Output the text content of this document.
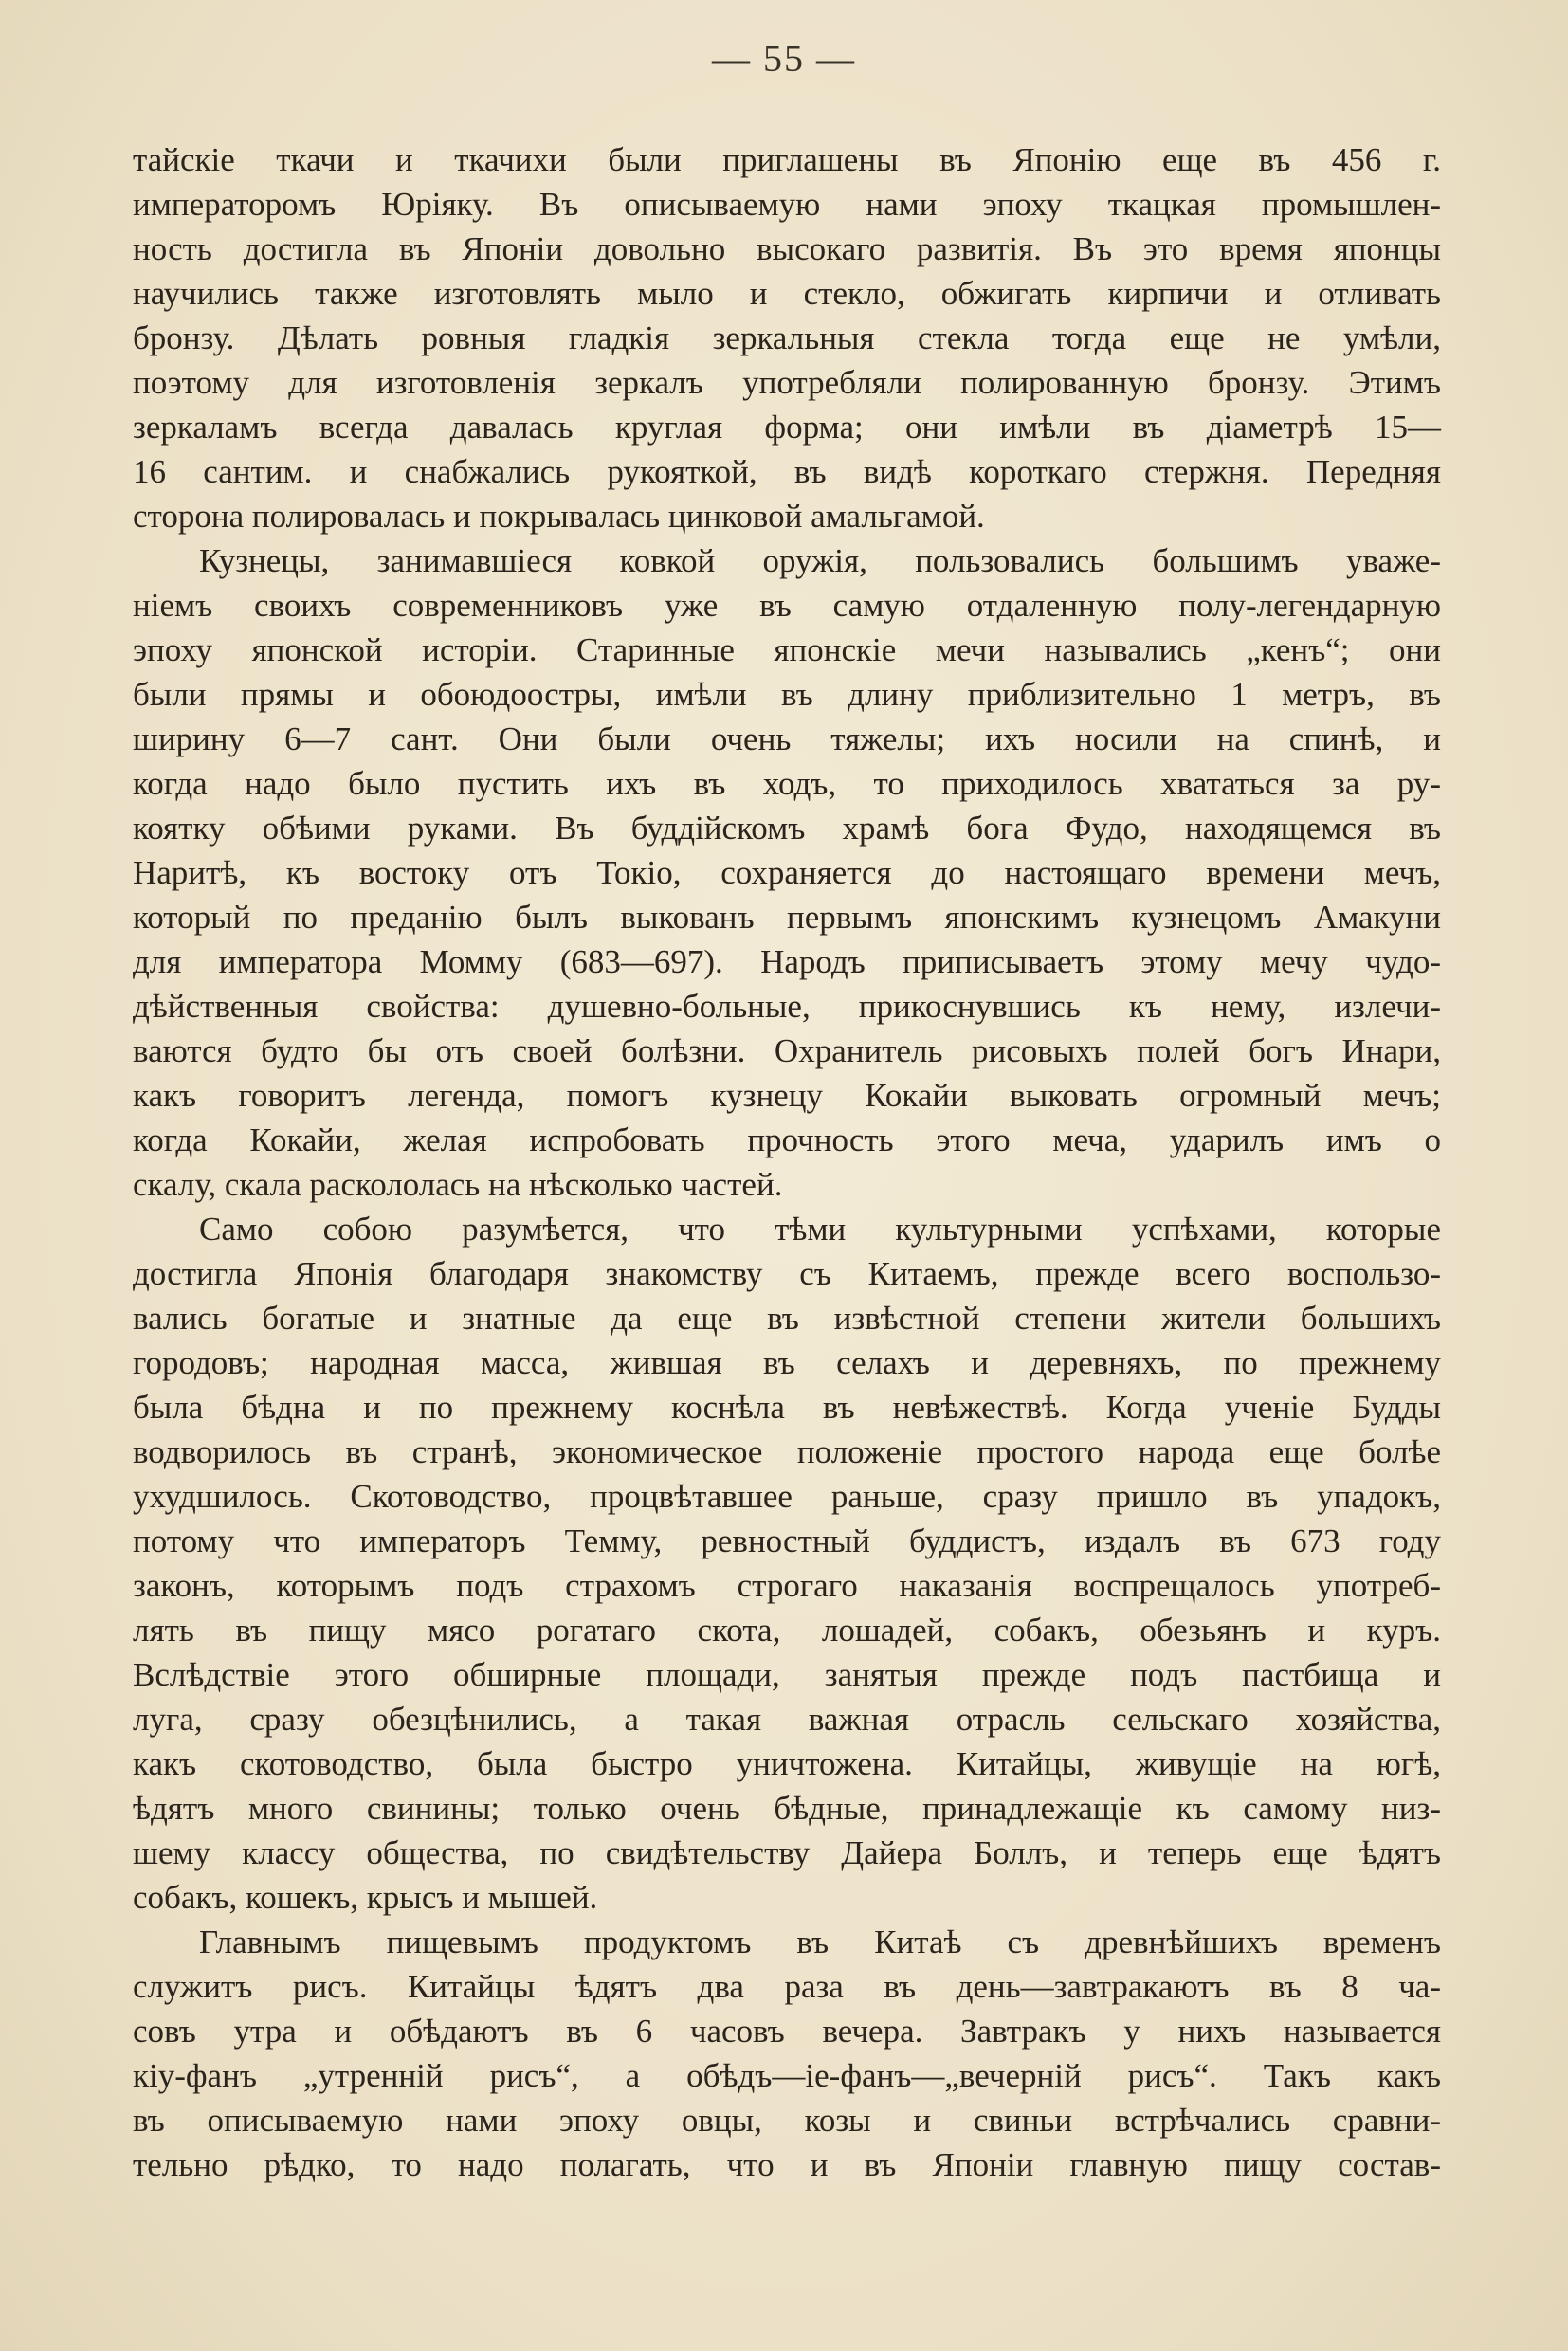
— 55 —
тайскіе ткачи и ткачихи были приглашены въ Японію еще въ 456 г.
императоромъ Юріяку. Въ описываемую нами эпоху ткацкая промышлен-
ность достигла въ Японіи довольно высокаго развитія. Въ это время японцы
научились также изготовлять мыло и стекло, обжигать кирпичи и отливать
бронзу. Дѣлать ровныя гладкія зеркальныя стекла тогда еще не умѣли,
поэтому для изготовленія зеркалъ употребляли полированную бронзу. Этимъ
зеркаламъ всегда давалась круглая форма; они имѣли въ діаметрѣ 15—
16 сантим. и снабжались рукояткой, въ видѣ короткаго стержня. Передняя
сторона полировалась и покрывалась цинковой амальгамой.
Кузнецы, занимавшіеся ковкой оружія, пользовались большимъ уваже-
ніемъ своихъ современниковъ уже въ самую отдаленную полу-легендарную
эпоху японской исторіи. Старинные японскіе мечи назывались „кенъ“; они
были прямы и обоюдоостры, имѣли въ длину приблизительно 1 метръ, въ
ширину 6—7 сант. Они были очень тяжелы; ихъ носили на спинѣ, и
когда надо было пустить ихъ въ ходъ, то приходилось хвататься за ру-
коятку обѣими руками. Въ буддійскомъ храмѣ бога Фудо, находящемся въ
Наритѣ, къ востоку отъ Токіо, сохраняется до настоящаго времени мечъ,
который по преданію былъ выкованъ первымъ японскимъ кузнецомъ Амакуни
для императора Момму (683—697). Народъ приписываетъ этому мечу чудо-
дѣйственныя свойства: душевно-больные, прикоснувшись къ нему, излечи-
ваются будто бы отъ своей болѣзни. Охранитель рисовыхъ полей богъ Инари,
какъ говоритъ легенда, помогъ кузнецу Кокайи выковать огромный мечъ;
когда Кокайи, желая испробовать прочность этого меча, ударилъ имъ о
скалу, скала раскололась на нѣсколько частей.
Само собою разумѣется, что тѣми культурными успѣхами, которые
достигла Японія благодаря знакомству съ Китаемъ, прежде всего воспользо-
вались богатые и знатные да еще въ извѣстной степени жители большихъ
городовъ; народная масса, жившая въ селахъ и деревняхъ, по прежнему
была бѣдна и по прежнему коснѣла въ невѣжествѣ. Когда ученіе Будды
водворилось въ странѣ, экономическое положеніе простого народа еще болѣе
ухудшилось. Скотоводство, процвѣтавшее раньше, сразу пришло въ упадокъ,
потому что императоръ Темму, ревностный буддистъ, издалъ въ 673 году
законъ, которымъ подъ страхомъ строгаго наказанія воспрещалось употреб-
лять въ пищу мясо рогатаго скота, лошадей, собакъ, обезьянъ и куръ.
Вслѣдствіе этого обширные площади, занятыя прежде подъ пастбища и
луга, сразу обезцѣнились, а такая важная отрасль сельскаго хозяйства,
какъ скотоводство, была быстро уничтожена. Китайцы, живущіе на югѣ,
ѣдятъ много свинины; только очень бѣдные, принадлежащіе къ самому низ-
шему классу общества, по свидѣтельству Дайера Боллъ, и теперь еще ѣдятъ
собакъ, кошекъ, крысъ и мышей.
Главнымъ пищевымъ продуктомъ въ Китаѣ съ древнѣйшихъ временъ
служитъ рисъ. Китайцы ѣдятъ два раза въ день—завтракаютъ въ 8 ча-
совъ утра и обѣдаютъ въ 6 часовъ вечера. Завтракъ у нихъ называется
кіу-фанъ „утренній рисъ“, а обѣдъ—іе-фанъ—„вечерній рисъ“. Такъ какъ
въ описываемую нами эпоху овцы, козы и свиньи встрѣчались сравни-
тельно рѣдко, то надо полагать, что и въ Японіи главную пищу состав-
